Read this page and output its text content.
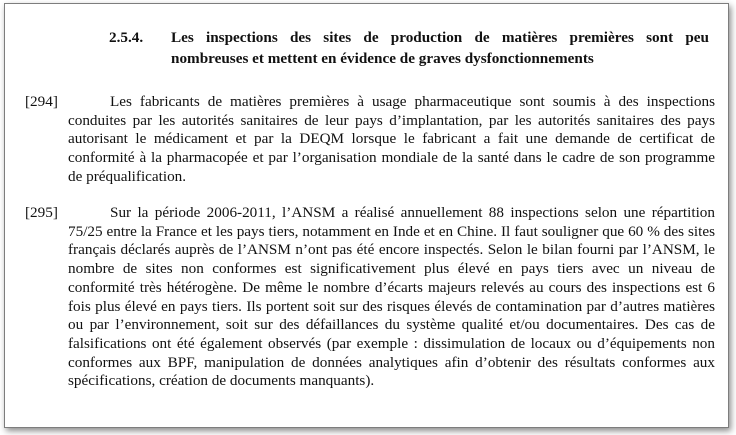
2.5.4. Les inspections des sites de production de matières premières sont peu
nombreuses et mettent en évidence de graves dysfonctionnements
[294]	Les fabricants de matières premières à usage pharmaceutique sont soumis à des inspections conduites par les autorités sanitaires de leur pays d’implantation, par les autorités sanitaires des pays autorisant le médicament et par la DEQM lorsque le fabricant a fait une demande de certificat de conformité à la pharmacopée et par l’organisation mondiale de la santé dans le cadre de son programme de préqualification.
[295]	Sur la période 2006-2011, l’ANSM a réalisé annuellement 88 inspections selon une répartition 75/25 entre la France et les pays tiers, notamment en Inde et en Chine. Il faut souligner que 60 % des sites français déclarés auprès de l’ANSM n’ont pas été encore inspectés. Selon le bilan fourni par l’ANSM, le nombre de sites non conformes est significativement plus élevé en pays tiers avec un niveau de conformité très hétérogène. De même le nombre d’écarts majeurs relevés au cours des inspections est 6 fois plus élevé en pays tiers. Ils portent soit sur des risques élevés de contamination par d’autres matières ou par l’environnement, soit sur des défaillances du système qualité et/ou documentaires. Des cas de falsifications ont été également observés (par exemple : dissimulation de locaux ou d’équipements non conformes aux BPF, manipulation de données analytiques afin d’obtenir des résultats conformes aux spécifications, création de documents manquants).
